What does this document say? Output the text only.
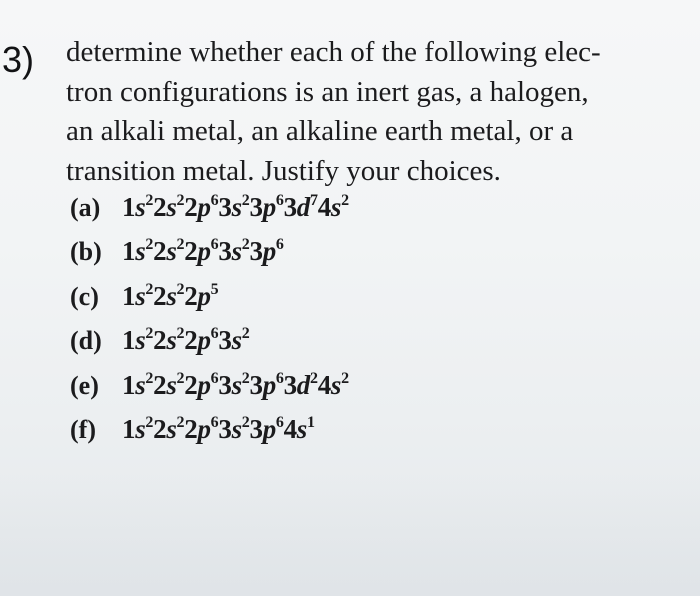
3) determine whether each of the following elec-
tron configurations is an inert gas, a halogen,
an alkali metal, an alkaline earth metal, or a
transition metal. Justify your choices.

(a) $1s^22s^22p^63s^23p^63d^74s^2$
(b) $1s^22s^22p^63s^23p^6$
(c) $1s^22s^22p^5$
(d) $1s^22s^22p^63s^2$
(e) $1s^22s^22p^63s^23p^63d^24s^2$
(f) $1s^22s^22p^63s^23p^64s^1$
